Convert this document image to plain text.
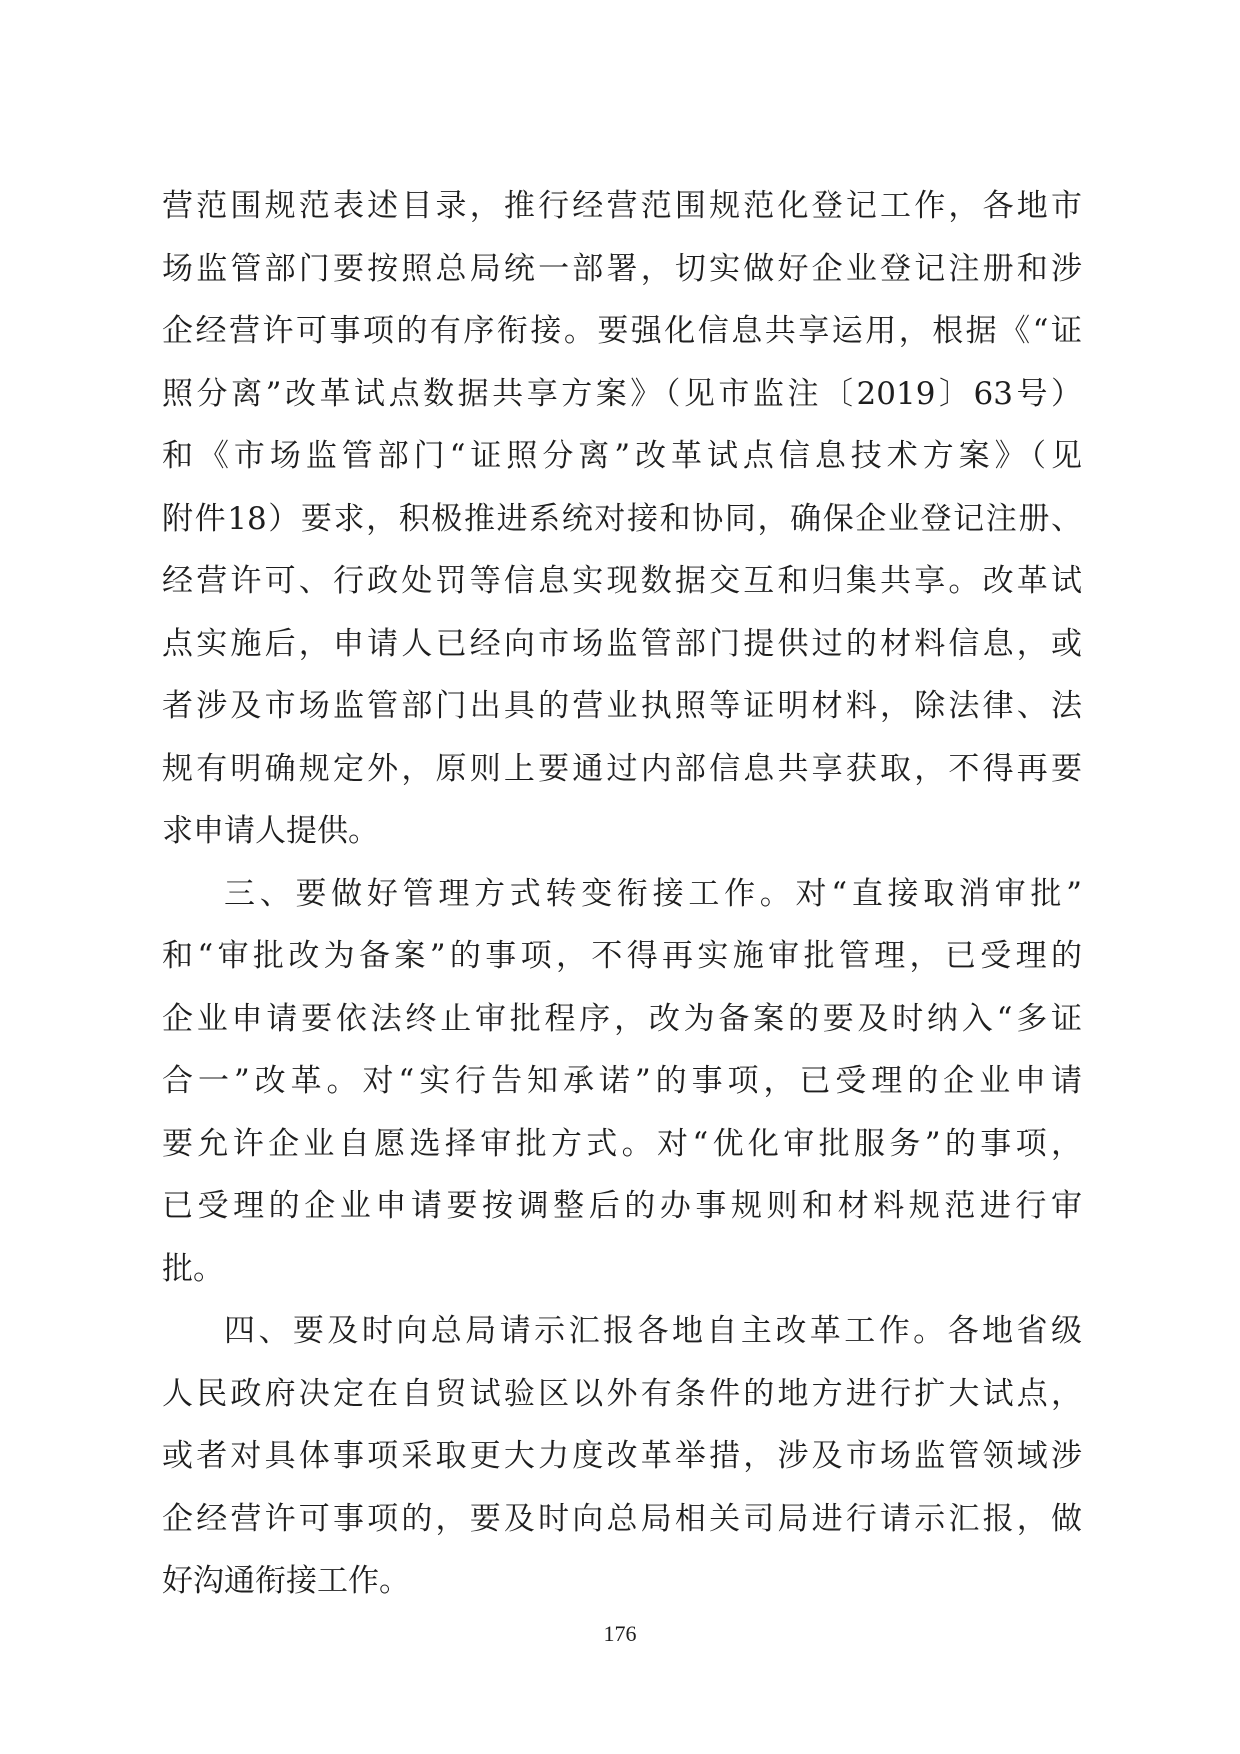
营范围规范表述目录，推行经营范围规范化登记工作，各地市
场监管部门要按照总局统一部署，切实做好企业登记注册和涉
企经营许可事项的有序衔接。要强化信息共享运用，根据《“证
照分离”改革试点数据共享方案》（见市监注〔2019〕63号）
和《市场监管部门“证照分离”改革试点信息技术方案》（见
附件18）要求，积极推进系统对接和协同，确保企业登记注册、
经营许可、行政处罚等信息实现数据交互和归集共享。改革试
点实施后，申请人已经向市场监管部门提供过的材料信息，或
者涉及市场监管部门出具的营业执照等证明材料，除法律、法
规有明确规定外，原则上要通过内部信息共享获取，不得再要
求申请人提供。
三、要做好管理方式转变衔接工作。对“直接取消审批”
和“审批改为备案”的事项，不得再实施审批管理，已受理的
企业申请要依法终止审批程序，改为备案的要及时纳入“多证
合一”改革。对“实行告知承诺”的事项，已受理的企业申请
要允许企业自愿选择审批方式。对“优化审批服务”的事项，
已受理的企业申请要按调整后的办事规则和材料规范进行审
批。
四、要及时向总局请示汇报各地自主改革工作。各地省级
人民政府决定在自贸试验区以外有条件的地方进行扩大试点，
或者对具体事项采取更大力度改革举措，涉及市场监管领域涉
企经营许可事项的，要及时向总局相关司局进行请示汇报，做
好沟通衔接工作。
176
